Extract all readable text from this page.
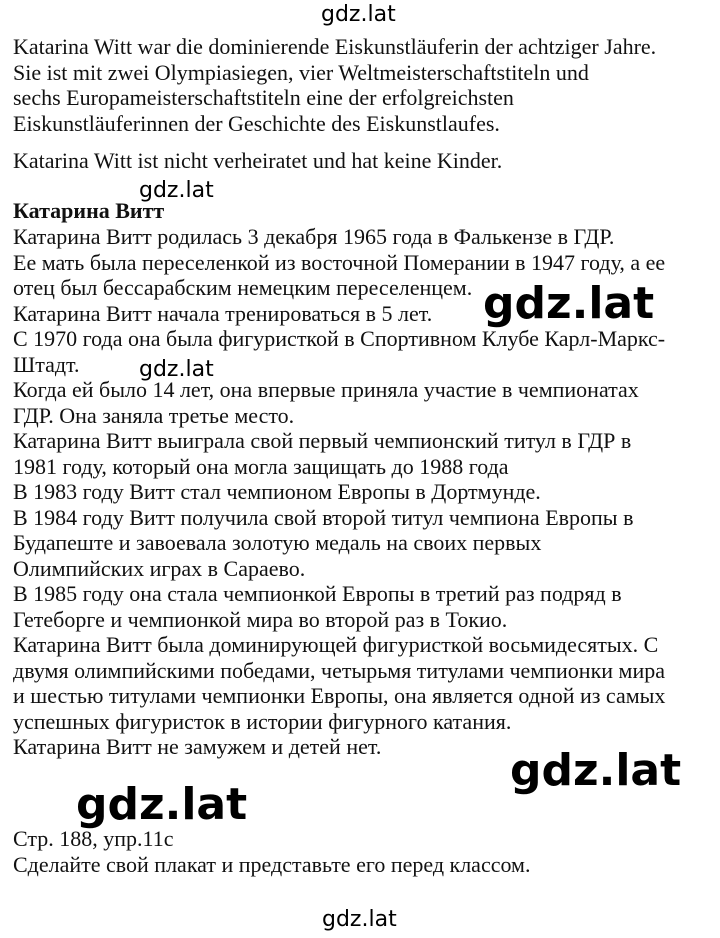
gdz.lat
gdz.lat
gdz.lat
gdz.lat
gdz.lat
gdz.lat
gdz.lat
Katarina Witt war die dominierende Eiskunstläuferin der achtziger Jahre.
Sie ist mit zwei Olympiasiegen, vier Weltmeisterschaftstiteln und
sechs Europameisterschaftstiteln eine der erfolgreichsten
Eiskunstläuferinnen der Geschichte des Eiskunstlaufes.
Katarina Witt ist nicht verheiratet und hat keine Kinder.
Катарина Витт
Катарина Витт родилась 3 декабря 1965 года в Фалькензе в ГДР.
Ее мать была переселенкой из восточной Померании в 1947 году, а ее
отец был бессарабским немецким переселенцем.
Катарина Витт начала тренироваться в 5 лет.
С 1970 года она была фигуристкой в Спортивном Клубе Карл-Маркс-
Штадт.
Когда ей было 14 лет, она впервые приняла участие в чемпионатах
ГДР. Она заняла третье место.
Катарина Витт выиграла свой первый чемпионский титул в ГДР в
1981 году, который она могла защищать до 1988 года
В 1983 году Витт стал чемпионом Европы в Дортмунде.
В 1984 году Витт получила свой второй титул чемпиона Европы в
Будапеште и завоевала золотую медаль на своих первых
Олимпийских играх в Сараево.
В 1985 году она стала чемпионкой Европы в третий раз подряд в
Гетеборге и чемпионкой мира во второй раз в Токио.
Катарина Витт была доминирующей фигуристкой восьмидесятых. С
двумя олимпийскими победами, четырьмя титулами чемпионки мира
и шестью титулами чемпионки Европы, она является одной из самых
успешных фигуристок в истории фигурного катания.
Катарина Витт не замужем и детей нет.
Стр. 188, упр.11с
Сделайте свой плакат и представьте его перед классом.
